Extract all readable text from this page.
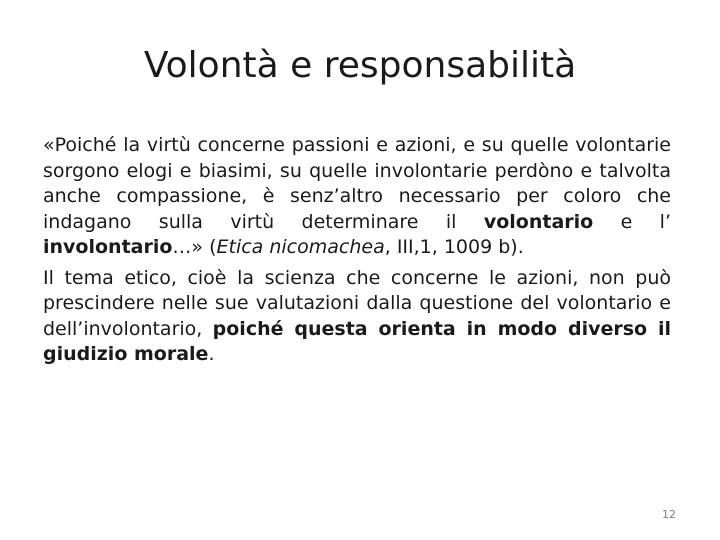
Volontà e responsabilità

«Poiché la virtù concerne passioni e azioni, e su quelle volontarie sorgono elogi e biasimi, su quelle involontarie perdòno e talvolta anche compassione, è senz’altro necessario per coloro che indagano sulla virtù determinare il volontario e l’ involontario…» (Etica nicomachea, III,1, 1009 b).

Il tema etico, cioè la scienza che concerne le azioni, non può prescindere nelle sue valutazioni dalla questione del volontario e dell’involontario, poiché questa orienta in modo diverso il giudizio morale.

12
